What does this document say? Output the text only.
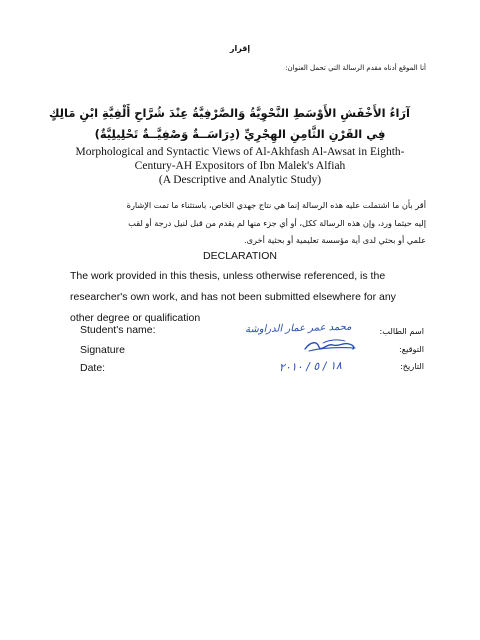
إقرار
أنا الموقع أدناه مقدم الرسالة التي تحمل العنوان:
آرَاءُ الأَخْفَشِ الأَوْسَطِ النَّحْوِيَّةُ وَالصَّرْفِيَّةُ عِنْدَ شُرَّاحِ أَلْفِيَّةِ ابْنِ مَالِكٍ
فِي القَرْنِ الثَّامِنِ الهِجْرِيِّ (دِرَاسَــةٌ وَصْفِيَّــةٌ تَحْلِيلِيَّةٌ)
Morphological and Syntactic Views of Al-Akhfash Al-Awsat in Eighth-
Century-AH Expositors of Ibn Malek's Alfiah
(A Descriptive and Analytic Study)
أقر بأن ما اشتملت عليه هذه الرسالة إنما هي نتاج جهدي الخاص، باستثناء ما تمت الإشارة
إليه حيثما ورد، وإن هذه الرسالة ككل، أو أي جزء منها لم يقدم من قبل لنيل درجة أو لقب
علمي أو بحثي لدى أية مؤسسة تعليمية أو بحثية أخرى.
DECLARATION
The work provided in this thesis, unless otherwise referenced, is the
researcher's own work, and has not been submitted elsewhere for any
other degree or qualification
Student's name:
Signature
Date:
اسم الطالب:
التوقيع:
التاريخ:
محمد عمر عمار الدراوشة
١٨ / ٥ / ٢٠١٠
